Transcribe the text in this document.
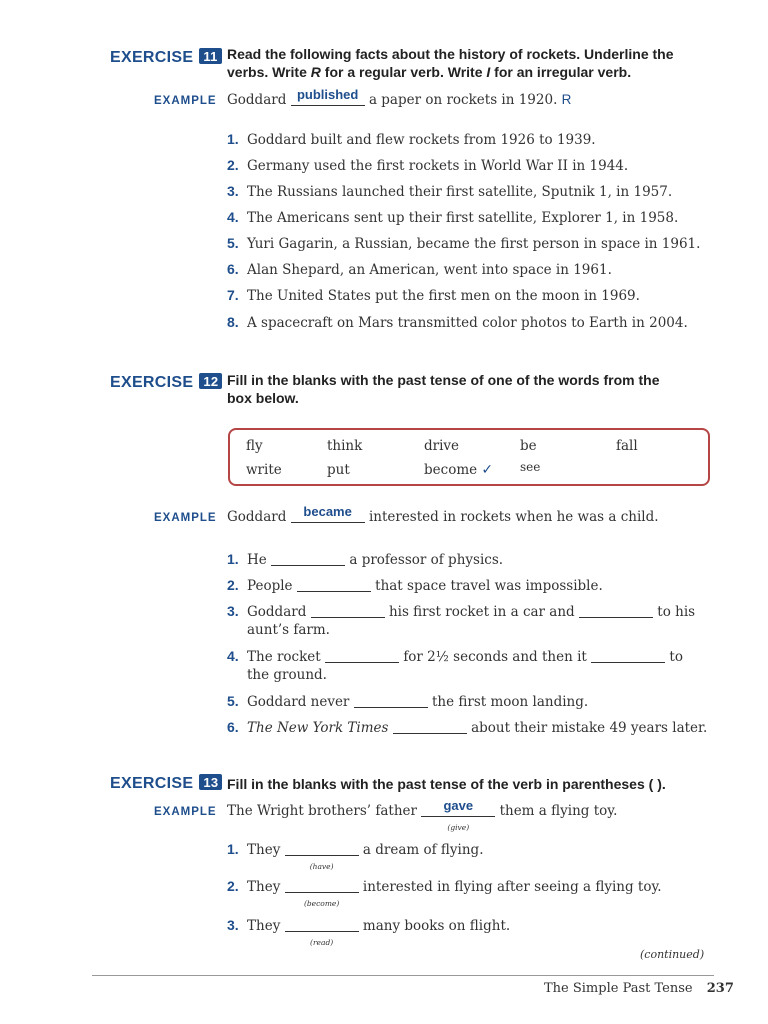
EXERCISE 11 Read the following facts about the history of rockets. Underline the
verbs. Write R for a regular verb. Write I for an irregular verb.
EXAMPLE Goddard published a paper on rockets in 1920. R
1. Goddard built and flew rockets from 1926 to 1939.
2. Germany used the first rockets in World War II in 1944.
3. The Russians launched their first satellite, Sputnik 1, in 1957.
4. The Americans sent up their first satellite, Explorer 1, in 1958.
5. Yuri Gagarin, a Russian, became the first person in space in 1961.
6. Alan Shepard, an American, went into space in 1961.
7. The United States put the first men on the moon in 1969.
8. A spacecraft on Mars transmitted color photos to Earth in 2004.
EXERCISE 12 Fill in the blanks with the past tense of one of the words from the
box below.
fly	think	drive	be	fall
write	put	become ✓ see
EXAMPLE Goddard	became	interested in rockets when he was a child.
1. He	a professor of physics.
2. People	that space travel was impossible.
3. Goddard	his first rocket in a car and	to his
aunt’s farm.
4. The rocket	for 2½ seconds and then it	to
the ground.
5. Goddard never	the first moon landing.
6. The New York Times	about their mistake 49 years later.
EXERCISE 13 Fill in the blanks with the past tense of the verb in parentheses ( ).
EXAMPLE The Wright brothers’ father	gave
(give)
them a flying toy.
1. They
(have)
a dream of flying.
2. They
(become)
interested in flying after seeing a flying toy.
3. They
(read)
many books on flight.
(continued)
The Simple Past Tense 237
